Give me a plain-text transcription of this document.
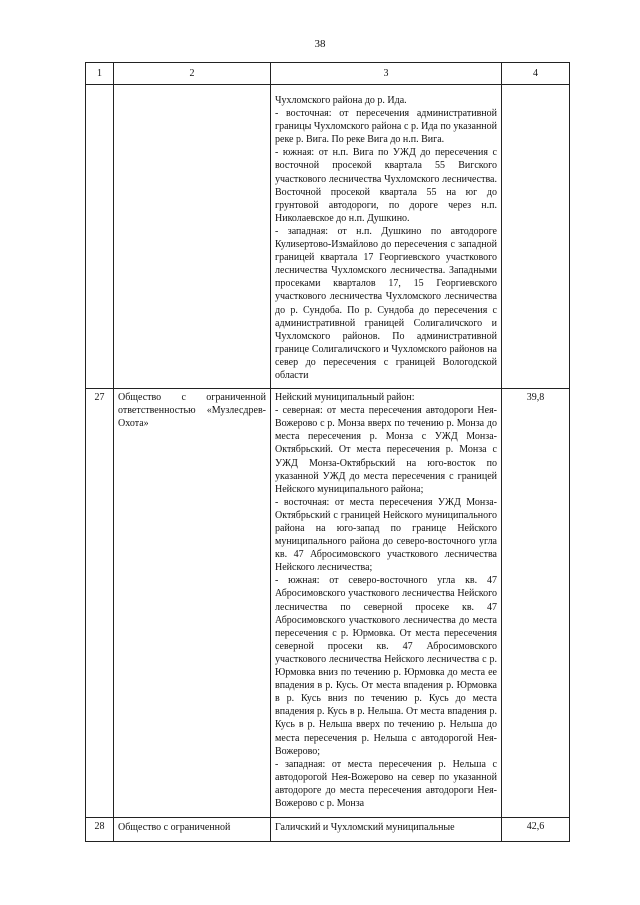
38
1	2	3	4

		Чухломского района до р. Ида.

- восточная: от пересечения административной границы Чухломского района с р. Ида по указанной реке р. Вига. По реке Вига до н.п. Вига.

- южная: от н.п. Вига по УЖД до пересечения с восточной просекой квартала 55 Вигского участкового лесничества Чухломского лесничества. Восточной просекой квартала 55 на юг до грунтовой автодороги, по дороге через н.п. Николаевское до н.п. Душкино.

- западная: от н.п. Душкино по автодороге Кулиsертово-Измайлово до пересечения с западной границей квартала 17 Георгиевского участкового лесничества Чухломского лесничества. Западными просеками кварталов 17, 15 Георгиевского участкового лесничества Чухломского лесничества до р. Сундоба. По р. Сундоба до пересечения с административной границей Солигаличского и Чухломского районов. По административной границе Солигаличского и Чухломского районов на север до пересечения с границей Вологодской области	

27	Общество с ограниченной ответственностью «Музлесдрев-Охота»	Нейский муниципальный район:

- северная: от места пересечения автодороги Нея-Вожерово с р. Монза вверх по течению р. Монза до места пересечения р. Монза с УЖД Монза-Октябрьский. От места пересечения р. Монза с УЖД Монза-Октябрьский на юго-восток по указанной УЖД до места пересечения с границей Нейского муниципального района;

- восточная: от места пересечения УЖД Монза-Октябрьский с границей Нейского муниципального района на юго-запад по границе Нейского муниципального района до северо-восточного угла кв. 47 Абросимовского участкового лесничества Нейского лесничества;

- южная: от северо-восточного угла кв. 47 Абросимовского участкового лесничества Нейского лесничества по северной просеке кв. 47 Абросимовского участкового лесничества до места пересечения с р. Юрмовка. От места пересечения северной просеки кв. 47 Абросимовского участкового лесничества Нейского лесничества с р. Юрмовка вниз по течению р. Юрмовка до места ее впадения в р. Кусь. От места впадения р. Юрмовка в р. Кусь вниз по течению р. Кусь до места впадения р. Кусь в р. Нельша. От места впадения р. Кусь в р. Нельша вверх по течению р. Нельша до места пересечения р. Нельша с автодорогой Нея-Вожерово;

- западная: от места пересечения р. Нельша с автодорогой Нея-Вожерово на север по указанной автодороге до места пересечения автодороги Нея-Вожерово с р. Монза	39,8
28	Общество с ограниченной	Галичский и Чухломский муниципальные	42,6
